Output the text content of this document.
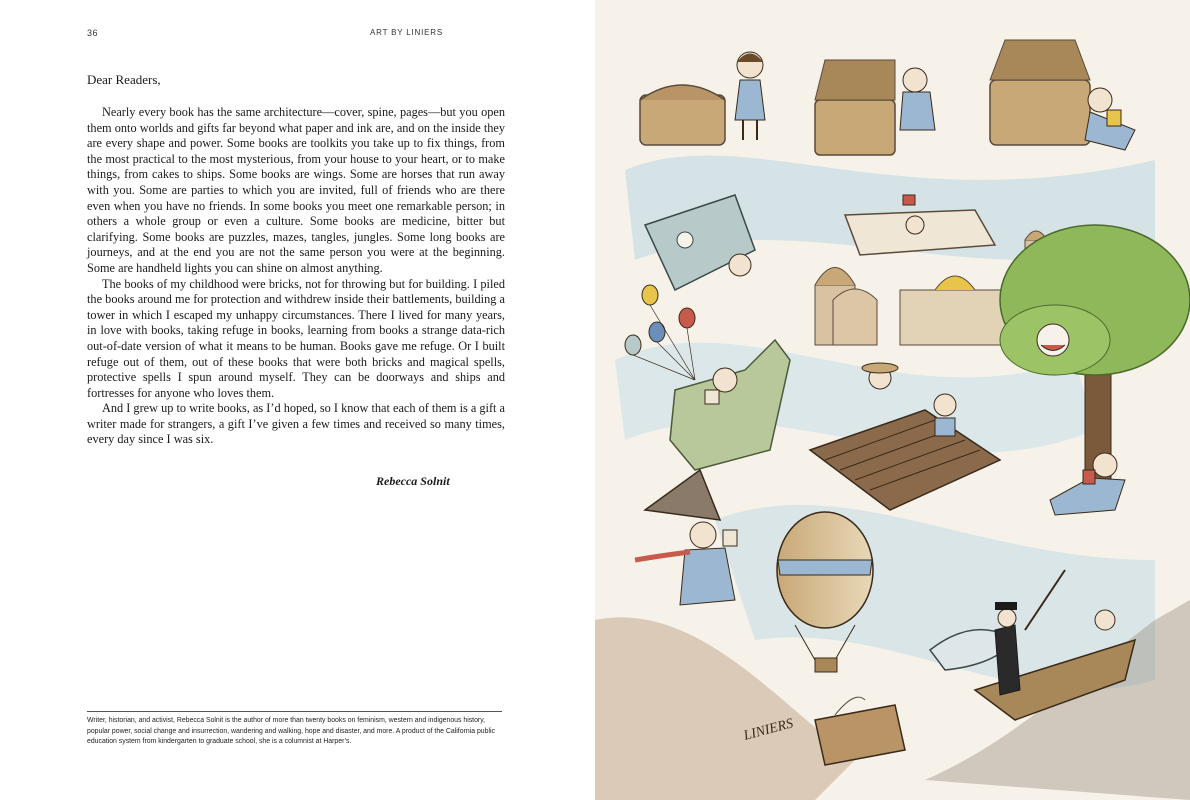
36	ART BY LINIERS
Dear Readers,

Nearly every book has the same architecture—cover, spine, pages—but you open them onto worlds and gifts far beyond what paper and ink are, and on the inside they are every shape and power. Some books are toolkits you take up to fix things, from the most practical to the most mysterious, from your house to your heart, or to make things, from cakes to ships. Some books are wings. Some are horses that run away with you. Some are parties to which you are invited, full of friends who are there even when you have no friends. In some books you meet one remarkable person; in others a whole group or even a culture. Some books are medicine, bitter but clarifying. Some books are puzzles, mazes, tangles, jungles. Some long books are journeys, and at the end you are not the same person you were at the beginning. Some are handheld lights you can shine on almost anything.

The books of my childhood were bricks, not for throwing but for building. I piled the books around me for protection and withdrew inside their battlements, building a tower in which I escaped my unhappy circumstances. There I lived for many years, in love with books, taking refuge in books, learning from books a strange data-rich out-of-date version of what it means to be human. Books gave me refuge. Or I built refuge out of them, out of these books that were both bricks and magical spells, protective spells I spun around myself. They can be doorways and ships and fortresses for anyone who loves them.

And I grew up to write books, as I’d hoped, so I know that each of them is a gift a writer made for strangers, a gift I’ve given a few times and received so many times, every day since I was six.

Rebecca Solnit
Writer, historian, and activist, Rebecca Solnit is the author of more than twenty books on feminism, western and indigenous history, popular power, social change and insurrection, wandering and walking, hope and disaster, and more. A product of the California public education system from kindergarten to graduate school, she is a columnist at Harper’s.	LINIERS
